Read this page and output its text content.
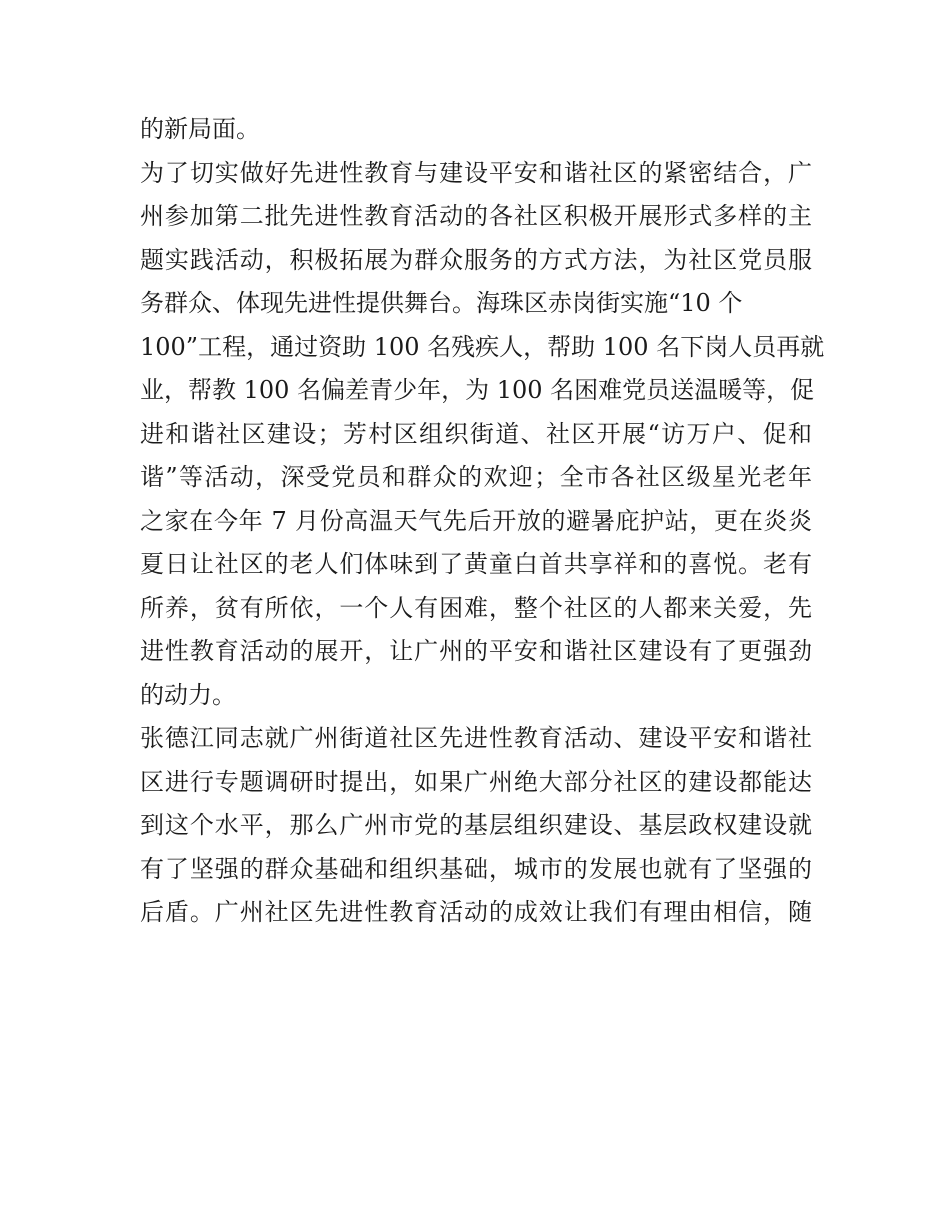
的新局面。
为了切实做好先进性教育与建设平安和谐社区的紧密结合，广
州参加第二批先进性教育活动的各社区积极开展形式多样的主
题实践活动，积极拓展为群众服务的方式方法，为社区党员服
务群众、体现先进性提供舞台。海珠区赤岗街实施“10 个
100”工程，通过资助 100 名残疾人，帮助 100 名下岗人员再就
业，帮教 100 名偏差青少年，为 100 名困难党员送温暖等，促
进和谐社区建设；芳村区组织街道、社区开展“访万户、促和
谐”等活动，深受党员和群众的欢迎；全市各社区级星光老年
之家在今年 7 月份高温天气先后开放的避暑庇护站，更在炎炎
夏日让社区的老人们体味到了黄童白首共享祥和的喜悦。老有
所养，贫有所依，一个人有困难，整个社区的人都来关爱，先
进性教育活动的展开，让广州的平安和谐社区建设有了更强劲
的动力。
张德江同志就广州街道社区先进性教育活动、建设平安和谐社
区进行专题调研时提出，如果广州绝大部分社区的建设都能达
到这个水平，那么广州市党的基层组织建设、基层政权建设就
有了坚强的群众基础和组织基础，城市的发展也就有了坚强的
后盾。广州社区先进性教育活动的成效让我们有理由相信，随
